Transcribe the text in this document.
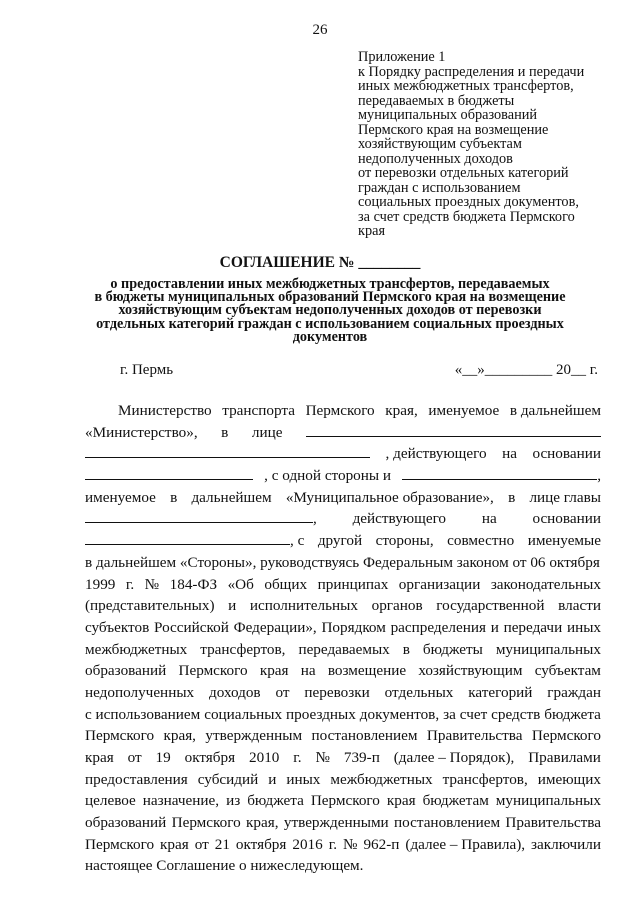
26
Приложение 1
к Порядку распределения и передачи
иных межбюджетных трансфертов,
передаваемых в бюджеты
муниципальных образований
Пермского края на возмещение
хозяйствующим субъектам
недополученных доходов
от перевозки отдельных категорий
граждан с использованием
социальных проездных документов,
за счет средств бюджета Пермского
края
СОГЛАШЕНИЕ № ________
о предоставлении иных межбюджетных трансфертов, передаваемых
в бюджеты муниципальных образований Пермского края на возмещение
хозяйствующим субъектам недополученных доходов от перевозки
отдельных категорий граждан с использованием социальных проездных
документов
г. Пермь	«__»_________ 20__ г.
Министерство транспорта Пермского края, именуемое в дальнейшем
«Министерство», в лице
, действующего на основании
, с одной стороны и	,
именуемое в дальнейшем «Муниципальное образование», в лице главы
, действующего на основании
, с другой стороны, совместно именуемые
в дальнейшем «Стороны», руководствуясь Федеральным законом от 06 октября
1999 г. № 184-ФЗ «Об общих принципах организации законодательных
(представительных) и исполнительных органов государственной власти
субъектов Российской Федерации», Порядком распределения и передачи иных
межбюджетных трансфертов, передаваемых в бюджеты муниципальных
образований Пермского края на возмещение хозяйствующим субъектам
недополученных доходов от перевозки отдельных категорий граждан
с использованием социальных проездных документов, за счет средств бюджета
Пермского края, утвержденным постановлением Правительства Пермского
края от 19 октября 2010 г. № 739-п (далее – Порядок), Правилами
предоставления субсидий и иных межбюджетных трансфертов, имеющих
целевое назначение, из бюджета Пермского края бюджетам муниципальных
образований Пермского края, утвержденными постановлением Правительства
Пермского края от 21 октября 2016 г. № 962-п (далее – Правила), заключили
настоящее Соглашение о нижеследующем.
